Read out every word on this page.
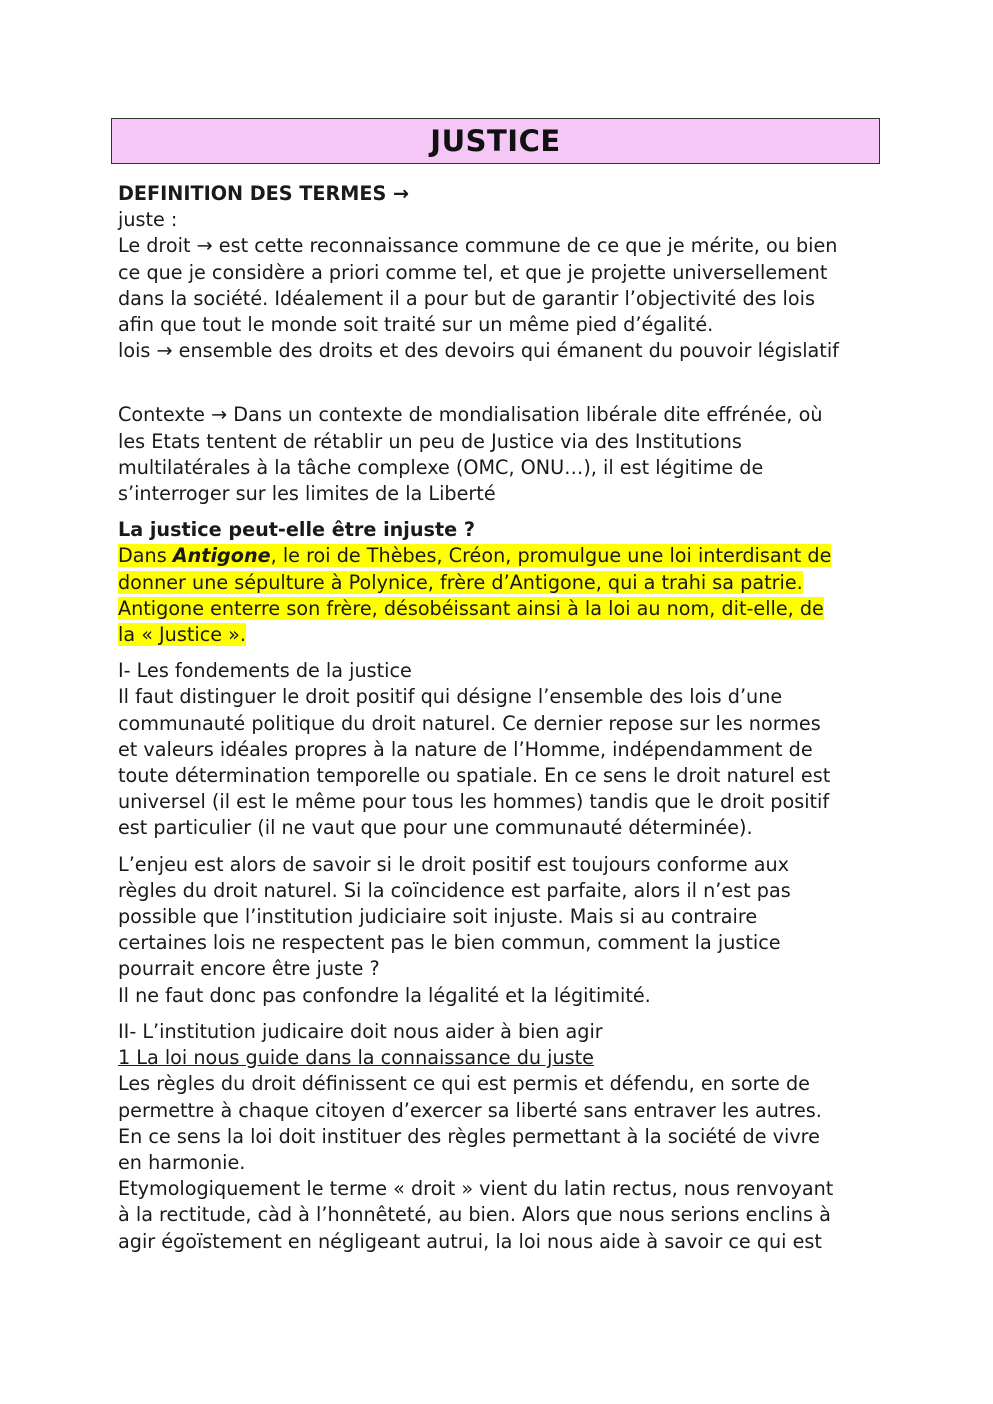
JUSTICE

DEFINITION DES TERMES →

juste :

Le droit → est cette reconnaissance commune de ce que je mérite, ou bien

ce que je considère a priori comme tel, et que je projette universellement

dans la société. Idéalement il a pour but de garantir l’objectivité des lois

afin que tout le monde soit traité sur un même pied d’égalité.

lois → ensemble des droits et des devoirs qui émanent du pouvoir législatif

Contexte → Dans un contexte de mondialisation libérale dite effrénée, où

les Etats tentent de rétablir un peu de Justice via des Institutions

multilatérales à la tâche complexe (OMC, ONU…), il est légitime de

s’interroger sur les limites de la Liberté

La justice peut-elle être injuste ?

Dans Antigone, le roi de Thèbes, Créon, promulgue une loi interdisant de

donner une sépulture à Polynice, frère d’Antigone, qui a trahi sa patrie.

Antigone enterre son frère, désobéissant ainsi à la loi au nom, dit-elle, de

la « Justice ».

I- Les fondements de la justice

Il faut distinguer le droit positif qui désigne l’ensemble des lois d’une

communauté politique du droit naturel. Ce dernier repose sur les normes

et valeurs idéales propres à la nature de l’Homme, indépendamment de

toute détermination temporelle ou spatiale. En ce sens le droit naturel est

universel (il est le même pour tous les hommes) tandis que le droit positif

est particulier (il ne vaut que pour une communauté déterminée).

L’enjeu est alors de savoir si le droit positif est toujours conforme aux

règles du droit naturel. Si la coïncidence est parfaite, alors il n’est pas

possible que l’institution judiciaire soit injuste. Mais si au contraire

certaines lois ne respectent pas le bien commun, comment la justice

pourrait encore être juste ?

Il ne faut donc pas confondre la légalité et la légitimité.

II- L’institution judicaire doit nous aider à bien agir

1 La loi nous guide dans la connaissance du juste

Les règles du droit définissent ce qui est permis et défendu, en sorte de

permettre à chaque citoyen d’exercer sa liberté sans entraver les autres.

En ce sens la loi doit instituer des règles permettant à la société de vivre

en harmonie.

Etymologiquement le terme « droit » vient du latin rectus, nous renvoyant

à la rectitude, càd à l’honnêteté, au bien. Alors que nous serions enclins à

agir égoïstement en négligeant autrui, la loi nous aide à savoir ce qui est
